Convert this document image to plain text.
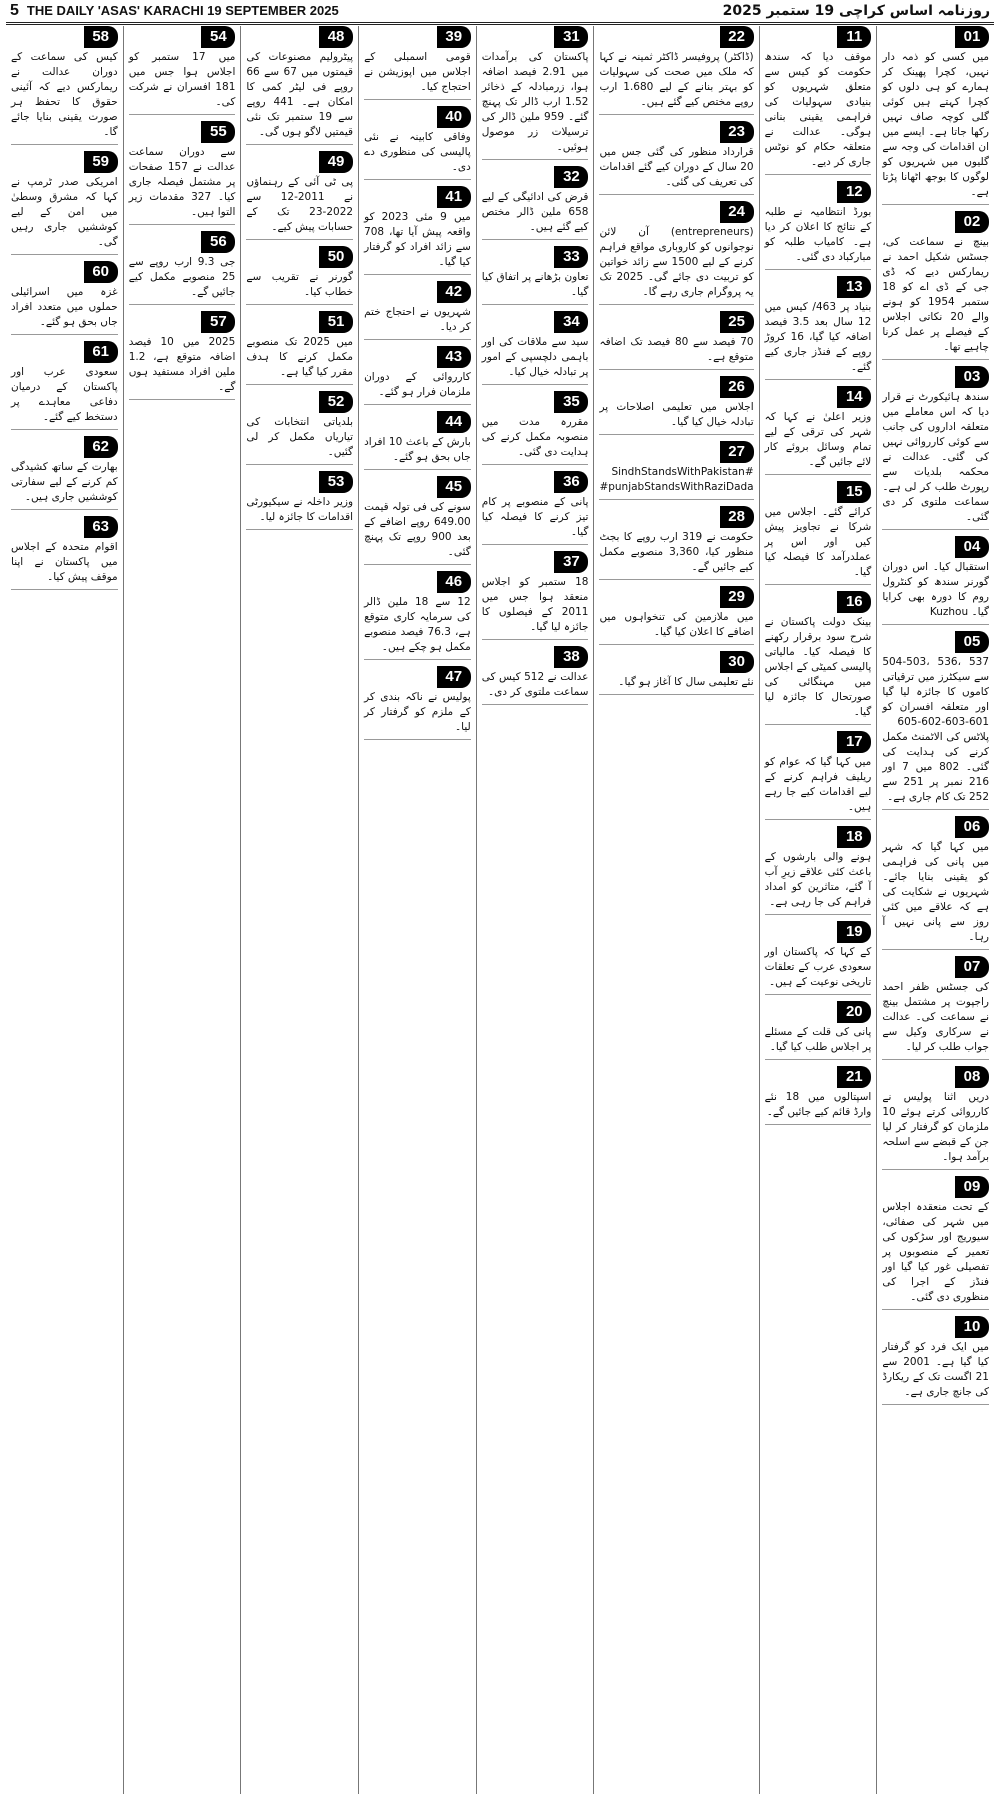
5 THE DAILY 'ASAS' KARACHI 19 SEPTEMBER 2025	روزنامہ اساس کراچی 19 ستمبر 2025
01

میں کسی کو ذمہ دار نہیں، کچرا پھینک کر ہمارے کو ہی دلوں کو کچرا کہتے ہیں کوئی گلی کوچہ صاف نہیں رکھا جاتا ہے۔ ایسے میں ان اقدامات کی وجہ سے گلیوں میں شہریوں کو لوگوں کا بوجھ اٹھانا پڑتا ہے۔

02

بینچ نے سماعت کی، جسٹس شکیل احمد نے ریمارکس دیے کہ ڈی جی کے ڈی اے کو 18 ستمبر 1954 کو ہونے والے 20 نکاتی اجلاس کے فیصلے پر عمل کرنا چاہیے تھا۔

03

سندھ ہائیکورٹ نے قرار دیا کہ اس معاملے میں متعلقہ اداروں کی جانب سے کوئی کارروائی نہیں کی گئی۔ عدالت نے محکمہ بلدیات سے رپورٹ طلب کر لی ہے۔ سماعت ملتوی کر دی گئی۔

04

استقبال کیا۔ اس دوران گورنر سندھ کو کنٹرول روم کا دورہ بھی کرایا گیا۔ Kuzhou

05

537 ،536 ،504-503 سے سیکٹرز میں ترقیاتی کاموں کا جائزہ لیا گیا اور متعلقہ افسران کو 601-603-602-605 پلاٹس کی الاٹمنٹ مکمل کرنے کی ہدایت کی گئی۔ 802 میں 7 اور 216 نمبر پر 251 سے 252 تک کام جاری ہے۔

06

میں کہا گیا کہ شہر میں پانی کی فراہمی کو یقینی بنایا جائے۔ شہریوں نے شکایت کی ہے کہ علاقے میں کئی روز سے پانی نہیں آ رہا۔

07

کی جسٹس ظفر احمد راجپوت پر مشتمل بینچ نے سماعت کی۔ عدالت نے سرکاری وکیل سے جواب طلب کر لیا۔

08

دریں اثنا پولیس نے کارروائی کرتے ہوئے 10 ملزمان کو گرفتار کر لیا جن کے قبضے سے اسلحہ برآمد ہوا۔

09

کے تحت منعقدہ اجلاس میں شہر کی صفائی، سیوریج اور سڑکوں کی تعمیر کے منصوبوں پر تفصیلی غور کیا گیا اور فنڈز کے اجرا کی منظوری دی گئی۔

10

میں ایک فرد کو گرفتار کیا گیا ہے۔ 2001 سے 21 اگست تک کے ریکارڈ کی جانچ جاری ہے۔

11

موقف دیا کہ سندھ حکومت کو کیس سے متعلق شہریوں کو بنیادی سہولیات کی فراہمی یقینی بنانی ہوگی۔ عدالت نے متعلقہ حکام کو نوٹس جاری کر دیے۔

12

بورڈ انتظامیہ نے طلبہ کے نتائج کا اعلان کر دیا ہے۔ کامیاب طلبہ کو مبارکباد دی گئی۔

13

بنیاد پر 463/ کیس میں 12 سال بعد 3.5 فیصد اضافہ کیا گیا، 16 کروڑ روپے کے فنڈز جاری کیے گئے۔

14

وزیر اعلیٰ نے کہا کہ شہر کی ترقی کے لیے تمام وسائل بروئے کار لائے جائیں گے۔

15

کرائے گئے۔ اجلاس میں شرکا نے تجاویز پیش کیں اور اس پر عملدرآمد کا فیصلہ کیا گیا۔

16

بینک دولت پاکستان نے شرح سود برقرار رکھنے کا فیصلہ کیا۔ مالیاتی پالیسی کمیٹی کے اجلاس میں مہنگائی کی صورتحال کا جائزہ لیا گیا۔

17

میں کہا گیا کہ عوام کو ریلیف فراہم کرنے کے لیے اقدامات کیے جا رہے ہیں۔

18

ہونے والی بارشوں کے باعث کئی علاقے زیرِ آب آ گئے، متاثرین کو امداد فراہم کی جا رہی ہے۔

19

کے کہا کہ پاکستان اور سعودی عرب کے تعلقات تاریخی نوعیت کے ہیں۔

20

پانی کی قلت کے مسئلے پر اجلاس طلب کیا گیا۔

21

اسپتالوں میں 18 نئے وارڈ قائم کیے جائیں گے۔

22

(ڈاکٹر) پروفیسر ڈاکٹر ثمینہ نے کہا کہ ملک میں صحت کی سہولیات کو بہتر بنانے کے لیے 1.680 ارب روپے مختص کیے گئے ہیں۔

23

قرارداد منظور کی گئی جس میں 20 سال کے دوران کیے گئے اقدامات کی تعریف کی گئی۔

24

(entrepreneurs) آن لائن نوجوانوں کو کاروباری مواقع فراہم کرنے کے لیے 1500 سے زائد خواتین کو تربیت دی جائے گی۔ 2025 تک یہ پروگرام جاری رہے گا۔

25

70 فیصد سے 80 فیصد تک اضافہ متوقع ہے۔

26

اجلاس میں تعلیمی اصلاحات پر تبادلہ خیال کیا گیا۔

27

#SindhStandsWithPakistan #punjabStandsWithRaziDada

28

حکومت نے 319 ارب روپے کا بجٹ منظور کیا، 3,360 منصوبے مکمل کیے جائیں گے۔

29

میں ملازمین کی تنخواہوں میں اضافے کا اعلان کیا گیا۔

30

نئے تعلیمی سال کا آغاز ہو گیا۔

31

پاکستان کی برآمدات میں 2.91 فیصد اضافہ ہوا، زرمبادلہ کے ذخائر 1.52 ارب ڈالر تک پہنچ گئے۔ 959 ملین ڈالر کی ترسیلات زر موصول ہوئیں۔

32

قرض کی ادائیگی کے لیے 658 ملین ڈالر مختص کیے گئے ہیں۔

33

تعاون بڑھانے پر اتفاق کیا گیا۔

34

سید سے ملاقات کی اور باہمی دلچسپی کے امور پر تبادلہ خیال کیا۔

35

مقررہ مدت میں منصوبہ مکمل کرنے کی ہدایت دی گئی۔

36

پانی کے منصوبے پر کام تیز کرنے کا فیصلہ کیا گیا۔

37

18 ستمبر کو اجلاس منعقد ہوا جس میں 2011 کے فیصلوں کا جائزہ لیا گیا۔

38

عدالت نے 512 کیس کی سماعت ملتوی کر دی۔

39

قومی اسمبلی کے اجلاس میں اپوزیشن نے احتجاج کیا۔

40

وفاقی کابینہ نے نئی پالیسی کی منظوری دے دی۔

41

میں 9 مئی 2023 کو واقعہ پیش آیا تھا، 708 سے زائد افراد کو گرفتار کیا گیا۔

42

شہریوں نے احتجاج ختم کر دیا۔

43

کارروائی کے دوران ملزمان فرار ہو گئے۔

44

بارش کے باعث 10 افراد جاں بحق ہو گئے۔

45

سونے کی فی تولہ قیمت 649.00 روپے اضافے کے بعد 900 روپے تک پہنچ گئی۔

46

12 سے 18 ملین ڈالر کی سرمایہ کاری متوقع ہے، 76.3 فیصد منصوبے مکمل ہو چکے ہیں۔

47

پولیس نے ناکہ بندی کر کے ملزم کو گرفتار کر لیا۔

48

پیٹرولیم مصنوعات کی قیمتوں میں 67 سے 66 روپے فی لیٹر کمی کا امکان ہے۔ 441 روپے سے 19 ستمبر تک نئی قیمتیں لاگو ہوں گی۔

49

پی ٹی آئی کے رہنماؤں نے 2011-12 سے 2022-23 تک کے حسابات پیش کیے۔

50

گورنر نے تقریب سے خطاب کیا۔

51

میں 2025 تک منصوبے مکمل کرنے کا ہدف مقرر کیا گیا ہے۔

52

بلدیاتی انتخابات کی تیاریاں مکمل کر لی گئیں۔

53

وزیر داخلہ نے سیکیورٹی اقدامات کا جائزہ لیا۔

54

میں 17 ستمبر کو اجلاس ہوا جس میں 181 افسران نے شرکت کی۔

55

سے دوران سماعت عدالت نے 157 صفحات پر مشتمل فیصلہ جاری کیا۔ 327 مقدمات زیر التوا ہیں۔

56

جی 9.3 ارب روپے سے 25 منصوبے مکمل کیے جائیں گے۔

57

2025 میں 10 فیصد اضافہ متوقع ہے، 1.2 ملین افراد مستفید ہوں گے۔

58

کیس کی سماعت کے دوران عدالت نے ریمارکس دیے کہ آئینی حقوق کا تحفظ ہر صورت یقینی بنایا جائے گا۔

59

امریکی صدر ٹرمپ نے کہا کہ مشرق وسطیٰ میں امن کے لیے کوششیں جاری رہیں گی۔

60

غزہ میں اسرائیلی حملوں میں متعدد افراد جاں بحق ہو گئے۔

61

سعودی عرب اور پاکستان کے درمیان دفاعی معاہدے پر دستخط کیے گئے۔

62

بھارت کے ساتھ کشیدگی کم کرنے کے لیے سفارتی کوششیں جاری ہیں۔

63

اقوام متحدہ کے اجلاس میں پاکستان نے اپنا موقف پیش کیا۔
